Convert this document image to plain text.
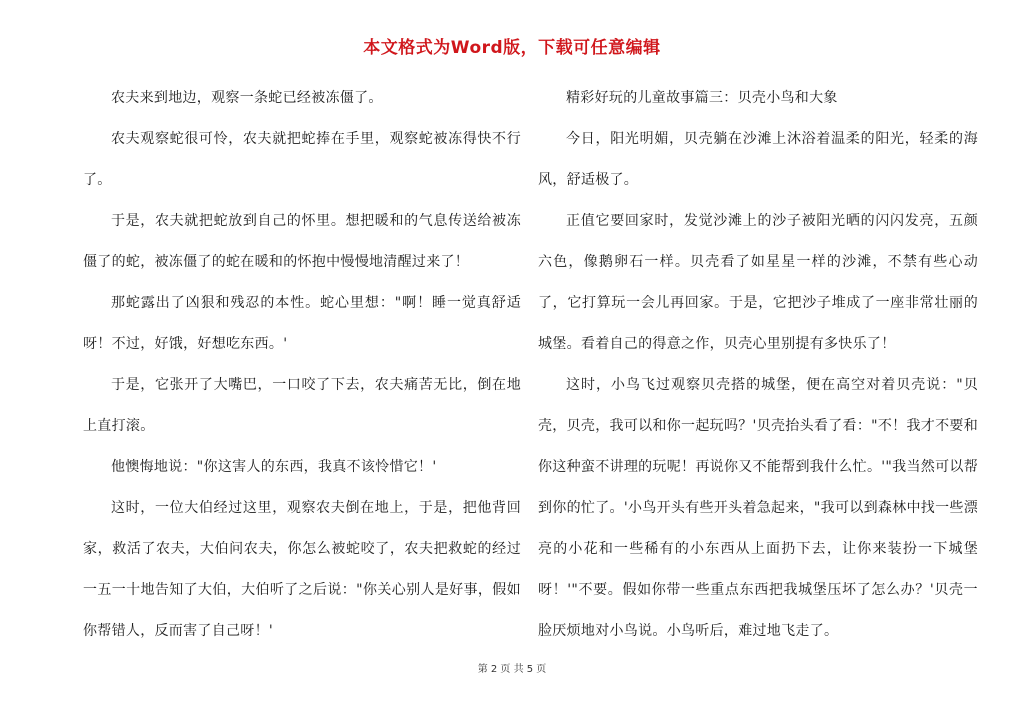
本文格式为Word版，下载可任意编辑

农夫来到地边，观察一条蛇已经被冻僵了。

农夫观察蛇很可怜，农夫就把蛇捧在手里，观察蛇被冻得快不行了。

于是，农夫就把蛇放到自己的怀里。想把暖和的气息传送给被冻僵了的蛇，被冻僵了的蛇在暖和的怀抱中慢慢地清醒过来了！

那蛇露出了凶狠和残忍的本性。蛇心里想："啊！睡一觉真舒适呀！不过，好饿，好想吃东西。'

于是，它张开了大嘴巴，一口咬了下去，农夫痛苦无比，倒在地上直打滚。

他懊悔地说："你这害人的东西，我真不该怜惜它！'

这时，一位大伯经过这里，观察农夫倒在地上，于是，把他背回家，救活了农夫，大伯问农夫，你怎么被蛇咬了，农夫把救蛇的经过一五一十地告知了大伯，大伯听了之后说："你关心别人是好事，假如你帮错人，反而害了自己呀！'

精彩好玩的儿童故事篇三：贝壳小鸟和大象

今日，阳光明媚，贝壳躺在沙滩上沐浴着温柔的阳光，轻柔的海风，舒适极了。

正值它要回家时，发觉沙滩上的沙子被阳光晒的闪闪发亮，五颜六色，像鹅卵石一样。贝壳看了如星星一样的沙滩，不禁有些心动了，它打算玩一会儿再回家。于是，它把沙子堆成了一座非常壮丽的城堡。看着自己的得意之作，贝壳心里别提有多快乐了！

这时，小鸟飞过观察贝壳搭的城堡，便在高空对着贝壳说："贝壳，贝壳，我可以和你一起玩吗？'贝壳抬头看了看："不！我才不要和你这种蛮不讲理的玩呢！再说你又不能帮到我什么忙。'"我当然可以帮到你的忙了。'小鸟开头有些开头着急起来，"我可以到森林中找一些漂亮的小花和一些稀有的小东西从上面扔下去，让你来装扮一下城堡呀！'"不要。假如你带一些重点东西把我城堡压坏了怎么办？'贝壳一脸厌烦地对小鸟说。小鸟听后，难过地飞走了。

第 2 页 共 5 页
